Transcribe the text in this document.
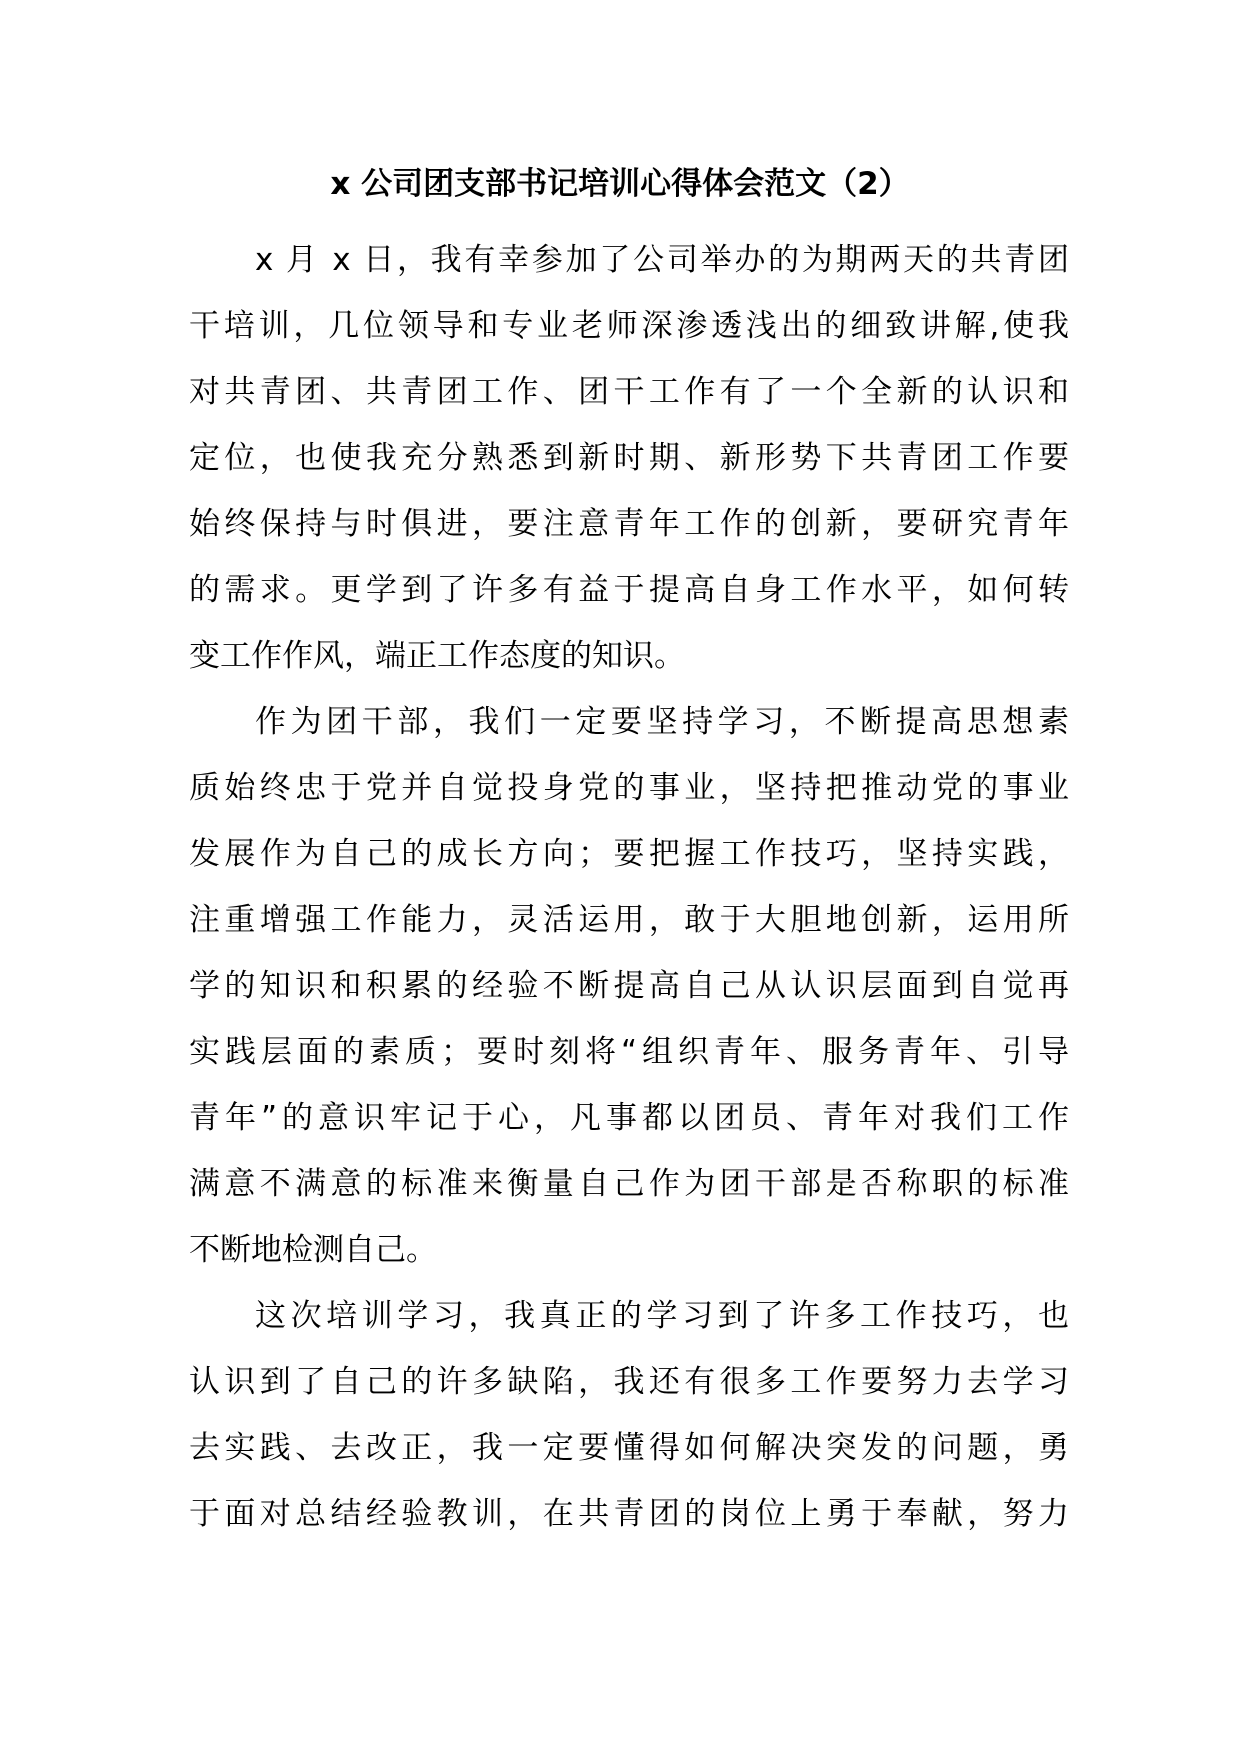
x 公司团支部书记培训心得体会范文（2）
x 月 x 日，我有幸参加了公司举办的为期两天的共青团
干培训，几位领导和专业老师深渗透浅出的细致讲解,使我
对共青团、共青团工作、团干工作有了一个全新的认识和
定位，也使我充分熟悉到新时期、新形势下共青团工作要
始终保持与时俱进，要注意青年工作的创新，要研究青年
的需求。更学到了许多有益于提高自身工作水平，如何转
变工作作风，端正工作态度的知识。
作为团干部，我们一定要坚持学习，不断提高思想素
质始终忠于党并自觉投身党的事业，坚持把推动党的事业
发展作为自己的成长方向；要把握工作技巧，坚持实践，
注重增强工作能力，灵活运用，敢于大胆地创新，运用所
学的知识和积累的经验不断提高自己从认识层面到自觉再
实践层面的素质；要时刻将“组织青年、服务青年、引导
青年”的意识牢记于心，凡事都以团员、青年对我们工作
满意不满意的标准来衡量自己作为团干部是否称职的标准
不断地检测自己。
这次培训学习，我真正的学习到了许多工作技巧，也
认识到了自己的许多缺陷，我还有很多工作要努力去学习
去实践、去改正，我一定要懂得如何解决突发的问题，勇
于面对总结经验教训，在共青团的岗位上勇于奉献，努力
